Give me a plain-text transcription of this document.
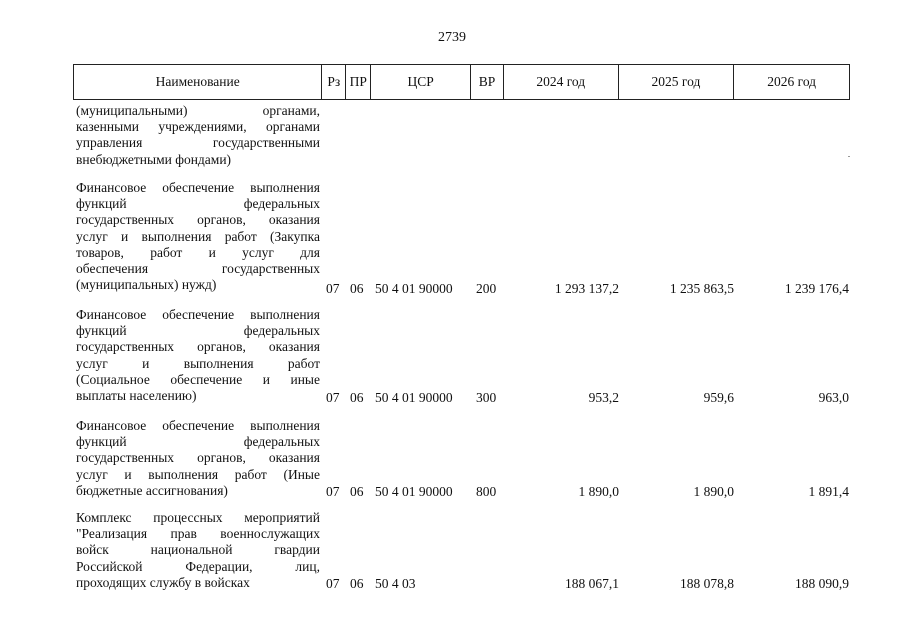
2739
Наименование	Рз ПР	ЦСР	ВР	2024 год	2025 год	2026 год
(муниципальными) органами,
казенными учреждениями, органами
управления государственными
внебюджетными фондами)
Финансовое обеспечение выполнения
функций федеральных
государственных органов, оказания
услуг и выполнения работ (Закупка
товаров, работ и услуг для
обеспечения государственных
(муниципальных) нужд)	07 06 50 4 01 90000 200	1 293 137,2	1 235 863,5	1 239 176,4
Финансовое обеспечение выполнения
функций федеральных
государственных органов, оказания
услуг и выполнения работ
(Социальное обеспечение и иные
выплаты населению)	07 06 50 4 01 90000 300	953,2	959,6	963,0
Финансовое обеспечение выполнения
функций федеральных
государственных органов, оказания
услуг и выполнения работ (Иные
бюджетные ассигнования)	07 06 50 4 01 90000 800	1 890,0	1 890,0	1 891,4
Комплекс процессных мероприятий
"Реализация прав военнослужащих
войск национальной гвардии
Российской Федерации, лиц,
проходящих службу в войсках	07 06 50 4 03	188 067,1	188 078,8	188 090,9
